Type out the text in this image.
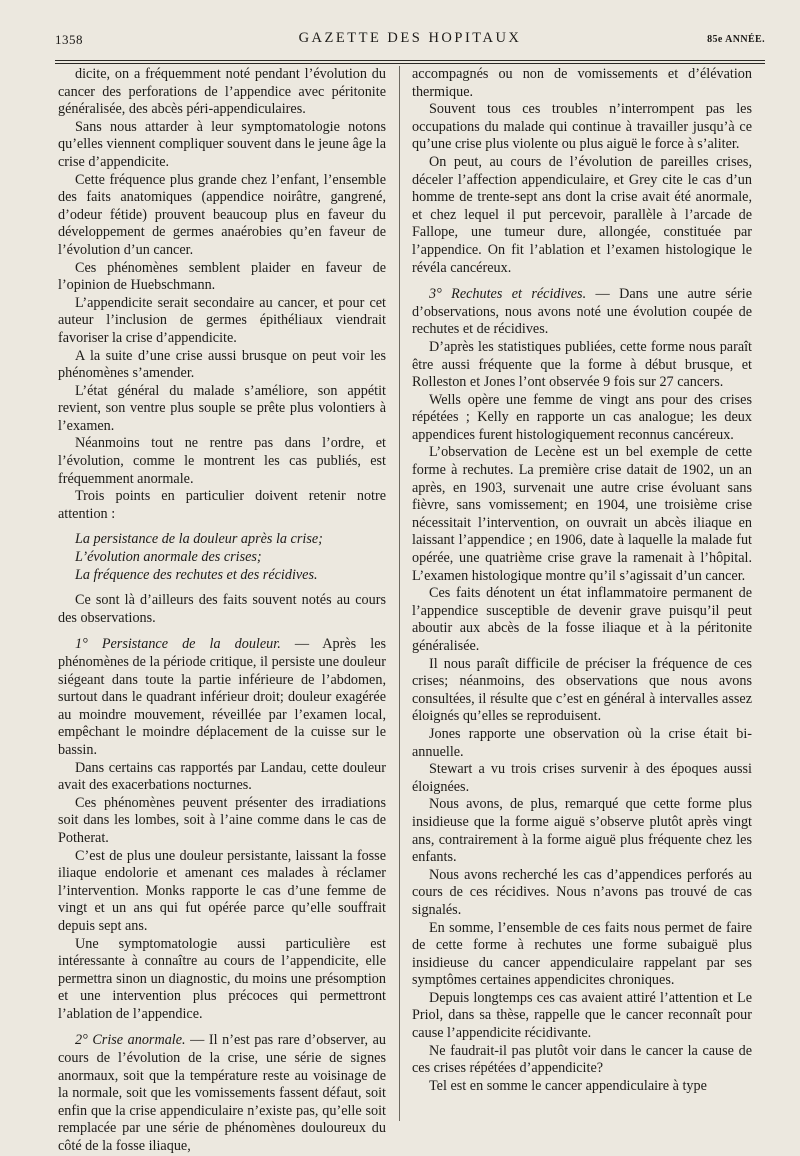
1358	GAZETTE DES HOPITAUX	85e ANNÉE.

dicite, on a fréquemment noté pendant l’évolution du cancer des perforations de l’appendice avec péritonite généralisée, des abcès péri-appendiculaires.

Sans nous attarder à leur symptomatologie notons qu’elles viennent compliquer souvent dans le jeune âge la crise d’appendicite.

Cette fréquence plus grande chez l’enfant, l’ensemble des faits anatomiques (appendice noirâtre, gangrené, d’odeur fétide) prouvent beaucoup plus en faveur du développement de germes anaérobies qu’en faveur de l’évolution d’un cancer.

Ces phénomènes semblent plaider en faveur de l’opinion de Huebschmann.

L’appendicite serait secondaire au cancer, et pour cet auteur l’inclusion de germes épithéliaux viendrait favoriser la crise d’appendicite.

A la suite d’une crise aussi brusque on peut voir les phénomènes s’amender.

L’état général du malade s’améliore, son appétit revient, son ventre plus souple se prête plus volontiers à l’examen.

Néanmoins tout ne rentre pas dans l’ordre, et l’évolution, comme le montrent les cas publiés, est fréquemment anormale.

Trois points en particulier doivent retenir notre attention :

La persistance de la douleur après la crise;

L’évolution anormale des crises;

La fréquence des rechutes et des récidives.

Ce sont là d’ailleurs des faits souvent notés au cours des observations.

1° Persistance de la douleur. — Après les phénomènes de la période critique, il persiste une douleur siégeant dans toute la partie inférieure de l’abdomen, surtout dans le quadrant inférieur droit; douleur exagérée au moindre mouvement, réveillée par l’examen local, empêchant le moindre déplacement de la cuisse sur le bassin.

Dans certains cas rapportés par Landau, cette douleur avait des exacerbations nocturnes.

Ces phénomènes peuvent présenter des irradiations soit dans les lombes, soit à l’aine comme dans le cas de Potherat.

C’est de plus une douleur persistante, laissant la fosse iliaque endolorie et amenant ces malades à réclamer l’intervention. Monks rapporte le cas d’une femme de vingt et un ans qui fut opérée parce qu’elle souffrait depuis sept ans.

Une symptomatologie aussi particulière est intéressante à connaître au cours de l’appendicite, elle permettra sinon un diagnostic, du moins une présomption et une intervention plus précoces qui permettront l’ablation de l’appendice.

2° Crise anormale. — Il n’est pas rare d’observer, au cours de l’évolution de la crise, une série de signes anormaux, soit que la température reste au voisinage de la normale, soit que les vomissements fassent défaut, soit enfin que la crise appendiculaire n’existe pas, qu’elle soit remplacée par une série de phénomènes douloureux du côté de la fosse iliaque,

accompagnés ou non de vomissements et d’élévation thermique.

Souvent tous ces troubles n’interrompent pas les occupations du malade qui continue à travailler jusqu’à ce qu’une crise plus violente ou plus aiguë le force à s’aliter.

On peut, au cours de l’évolution de pareilles crises, déceler l’affection appendiculaire, et Grey cite le cas d’un homme de trente-sept ans dont la crise avait été anormale, et chez lequel il put percevoir, parallèle à l’arcade de Fallope, une tumeur dure, allongée, constituée par l’appendice. On fit l’ablation et l’examen histologique le révéla cancéreux.

3° Rechutes et récidives. — Dans une autre série d’observations, nous avons noté une évolution coupée de rechutes et de récidives.

D’après les statistiques publiées, cette forme nous paraît être aussi fréquente que la forme à début brusque, et Rolleston et Jones l’ont observée 9 fois sur 27 cancers.

Wells opère une femme de vingt ans pour des crises répétées ; Kelly en rapporte un cas analogue; les deux appendices furent histologiquement reconnus cancéreux.

L’observation de Lecène est un bel exemple de cette forme à rechutes. La première crise datait de 1902, un an après, en 1903, survenait une autre crise évoluant sans fièvre, sans vomissement; en 1904, une troisième crise nécessitait l’intervention, on ouvrait un abcès iliaque en laissant l’appendice ; en 1906, date à laquelle la malade fut opérée, une quatrième crise grave la ramenait à l’hôpital. L’examen histologique montre qu’il s’agissait d’un cancer.

Ces faits dénotent un état inflammatoire permanent de l’appendice susceptible de devenir grave puisqu’il peut aboutir aux abcès de la fosse iliaque et à la péritonite généralisée.

Il nous paraît difficile de préciser la fréquence de ces crises; néanmoins, des observations que nous avons consultées, il résulte que c’est en général à intervalles assez éloignés qu’elles se reproduisent.

Jones rapporte une observation où la crise était bi-annuelle.

Stewart a vu trois crises survenir à des époques aussi éloignées.

Nous avons, de plus, remarqué que cette forme plus insidieuse que la forme aiguë s’observe plutôt après vingt ans, contrairement à la forme aiguë plus fréquente chez les enfants.

Nous avons recherché les cas d’appendices perforés au cours de ces récidives. Nous n’avons pas trouvé de cas signalés.

En somme, l’ensemble de ces faits nous permet de faire de cette forme à rechutes une forme subaiguë plus insidieuse du cancer appendiculaire rappelant par ses symptômes certaines appendicites chroniques.

Depuis longtemps ces cas avaient attiré l’attention et Le Priol, dans sa thèse, rappelle que le cancer reconnaît pour cause l’appendicite récidivante.

Ne faudrait-il pas plutôt voir dans le cancer la cause de ces crises répétées d’appendicite?

Tel est en somme le cancer appendiculaire à type
